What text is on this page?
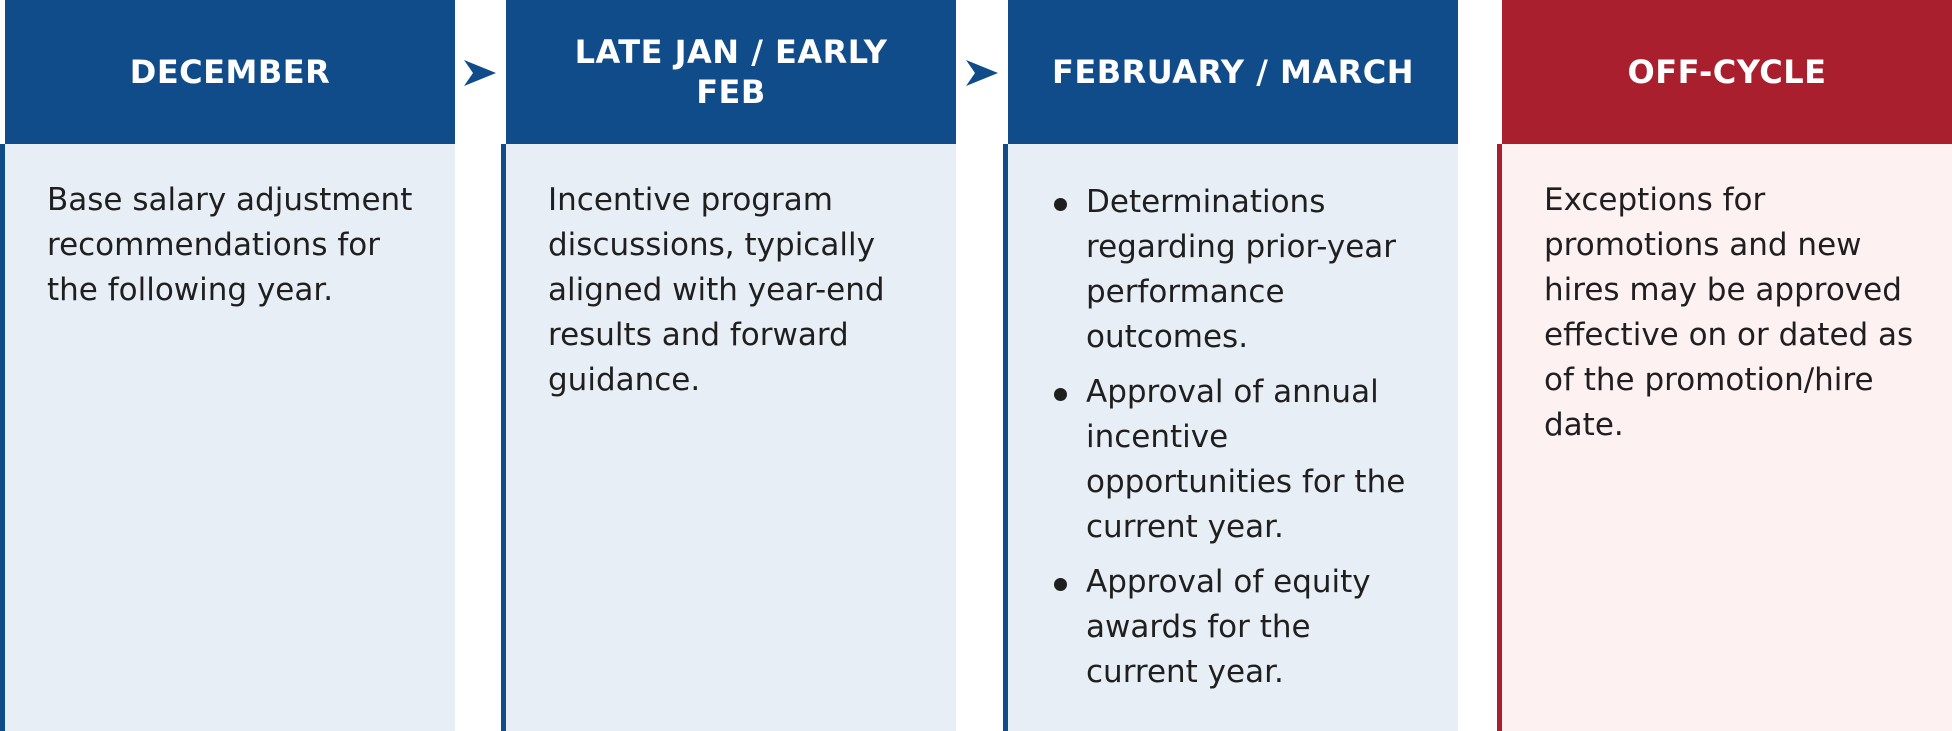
DECEMBER
Base salary adjustment recommendations for the following year.
LATE JAN / EARLY FEB
Incentive program discussions, typically aligned with year-end results and forward guidance.
FEBRUARY / MARCH
Determinations regarding prior-year performance outcomes.
Approval of annual incentive opportunities for the current year.
Approval of equity awards for the current year.
OFF-CYCLE
Exceptions for promotions and new hires may be approved effective on or dated as of the promotion/hire date.
